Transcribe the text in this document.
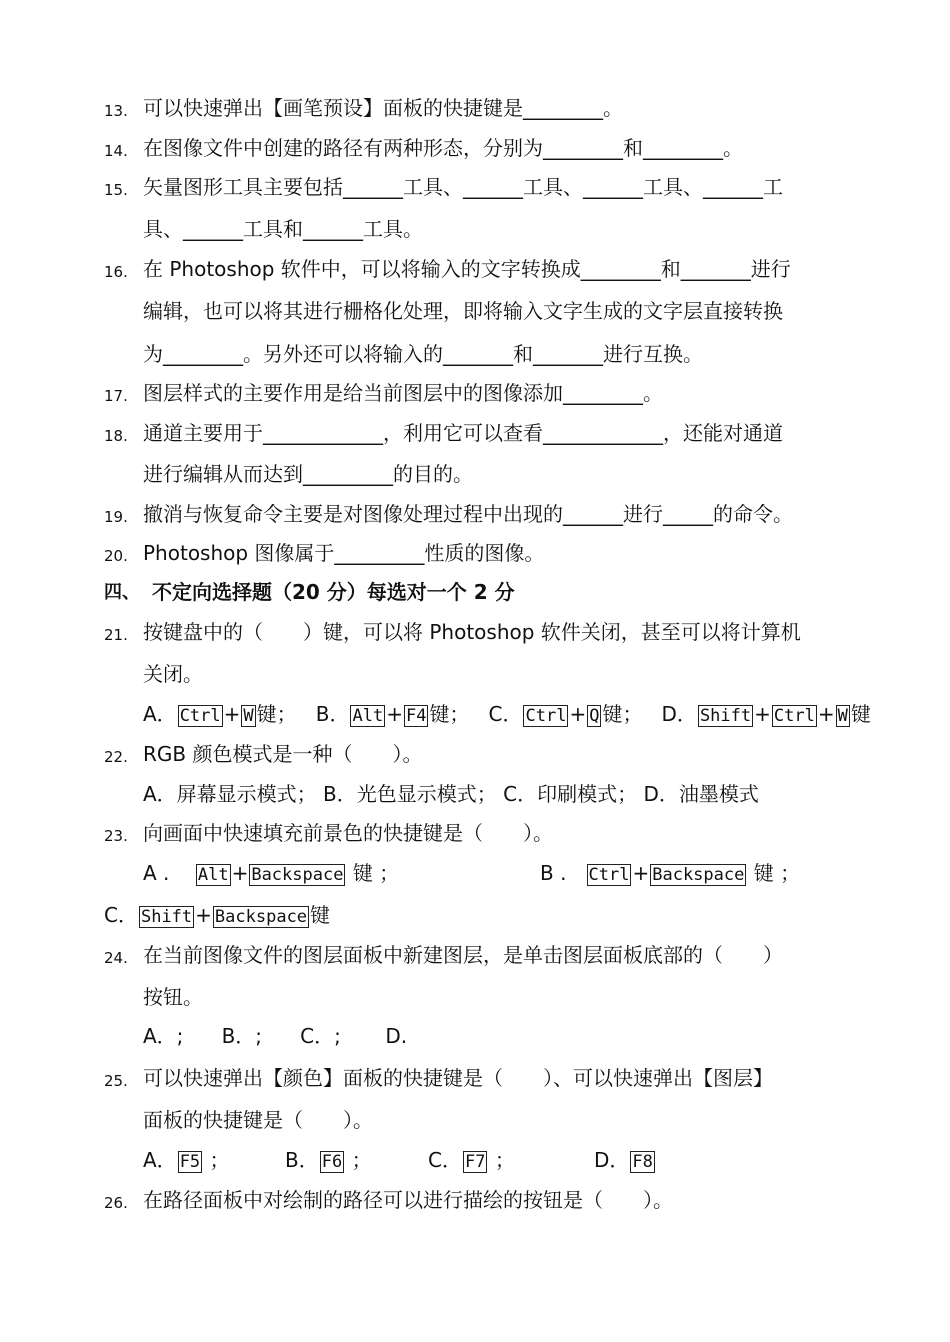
13. 可以快速弹出【画笔预设】面板的快捷键是________。
14. 在图像文件中创建的路径有两种形态，分别为________和________。
15. 矢量图形工具主要包括______工具、______工具、______工具、______工
具、______工具和______工具。
16. 在 Photoshop 软件中，可以将输入的文字转换成________和_______进行
编辑，也可以将其进行栅格化处理，即将输入文字生成的文字层直接转换
为________。另外还可以将输入的_______和_______进行互换。
17. 图层样式的主要作用是给当前图层中的图像添加________。
18. 通道主要用于____________，利用它可以查看____________，还能对通道
进行编辑从而达到_________的目的。
19. 撤消与恢复命令主要是对图像处理过程中出现的______进行_____的命令。
20. Photoshop 图像属于_________性质的图像。
四、 不定向选择题（20 分）每选对一个 2 分
21. 按键盘中的（　　）键，可以将 Photoshop 软件关闭，甚至可以将计算机
关闭。
A． Ctrl + W 键； B． Alt + F4 键； C． Ctrl + Q 键； D． Shift + Ctrl + W 键
22. RGB 颜色模式是一种（　　）。
A．屏幕显示模式； B．光色显示模式； C．印刷模式； D．油墨模式
23. 向画面中快速填充前景色的快捷键是（　　）。
A . Alt + Backspace 键 ；	B . Ctrl + Backspace 键 ；
C． Shift + Backspace 键
24. 在当前图像文件的图层面板中新建图层，是单击图层面板底部的（　　）
按钮。
A．;      B．;      C．;       D.
25. 可以快速弹出【颜色】面板的快捷键是（　　）、可以快速弹出【图层】
面板的快捷键是（　　）。
A． F5 ；	B． F6 ；	C． F7 ；	D． F8
26. 在路径面板中对绘制的路径可以进行描绘的按钮是（　　）。
